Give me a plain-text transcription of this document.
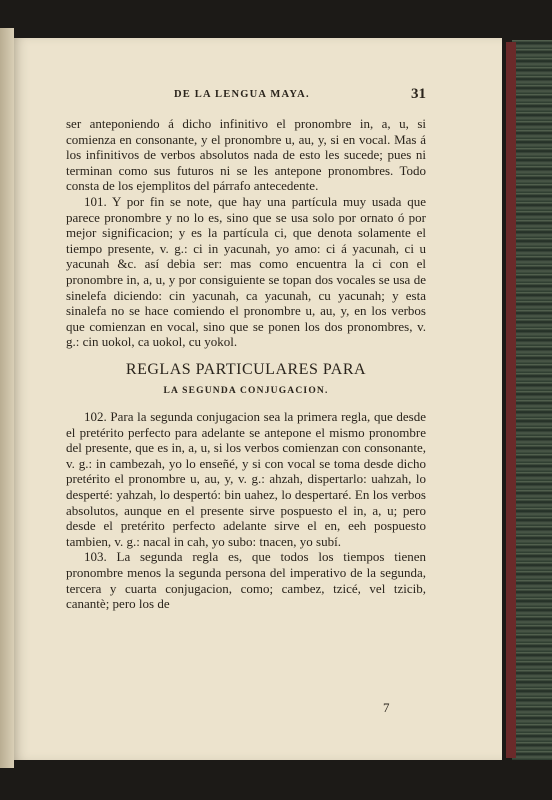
DE LA LENGUA MAYA.	31

ser anteponiendo á dicho infinitivo el pronombre in, a, u, si comienza en consonante, y el pronombre u, au, y, si en vocal. Mas á los infinitivos de verbos absolutos nada de esto les sucede; pues ni terminan como sus futuros ni se les antepone pronombres. Todo consta de los ejemplitos del párrafo antecedente.

101. Y por fin se note, que hay una partícula muy usada que parece pronombre y no lo es, sino que se usa solo por ornato ó por mejor significacion; y es la partícula ci, que denota solamente el tiempo presente, v. g.: ci in yacunah, yo amo: ci á yacunah, ci u yacunah &c. así debia ser: mas como encuentra la ci con el pronombre in, a, u, y por consiguiente se topan dos vocales se usa de sinelefa diciendo: cin yacunah, ca yacunah, cu yacunah; y esta sinalefa no se hace comiendo el pronombre u, au, y, en los verbos que comienzan en vocal, sino que se ponen los dos pronombres, v. g.: cin uokol, ca uokol, cu yokol.

REGLAS PARTICULARES PARA
LA SEGUNDA CONJUGACION.

102. Para la segunda conjugacion sea la primera regla, que desde el pretérito perfecto para adelante se antepone el mismo pronombre del presente, que es in, a, u, si los verbos comienzan con consonante, v. g.: in cambezah, yo lo enseñé, y si con vocal se toma desde dicho pretérito el pronombre u, au, y, v. g.: ahzah, dispertarlo: uahzah, lo desperté: yahzah, lo despertó: bin uahez, lo despertaré. En los verbos absolutos, aunque en el presente sirve pospuesto el in, a, u; pero desde el pretérito perfecto adelante sirve el en, eeh pospuesto tambien, v. g.: nacal in cah, yo subo: tnacen, yo subí.

103. La segunda regla es, que todos los tiempos tienen pronombre menos la segunda persona del imperativo de la segunda, tercera y cuarta conjugacion, como; cambez, tzicé, vel tzicib, canantè; pero los de

7
